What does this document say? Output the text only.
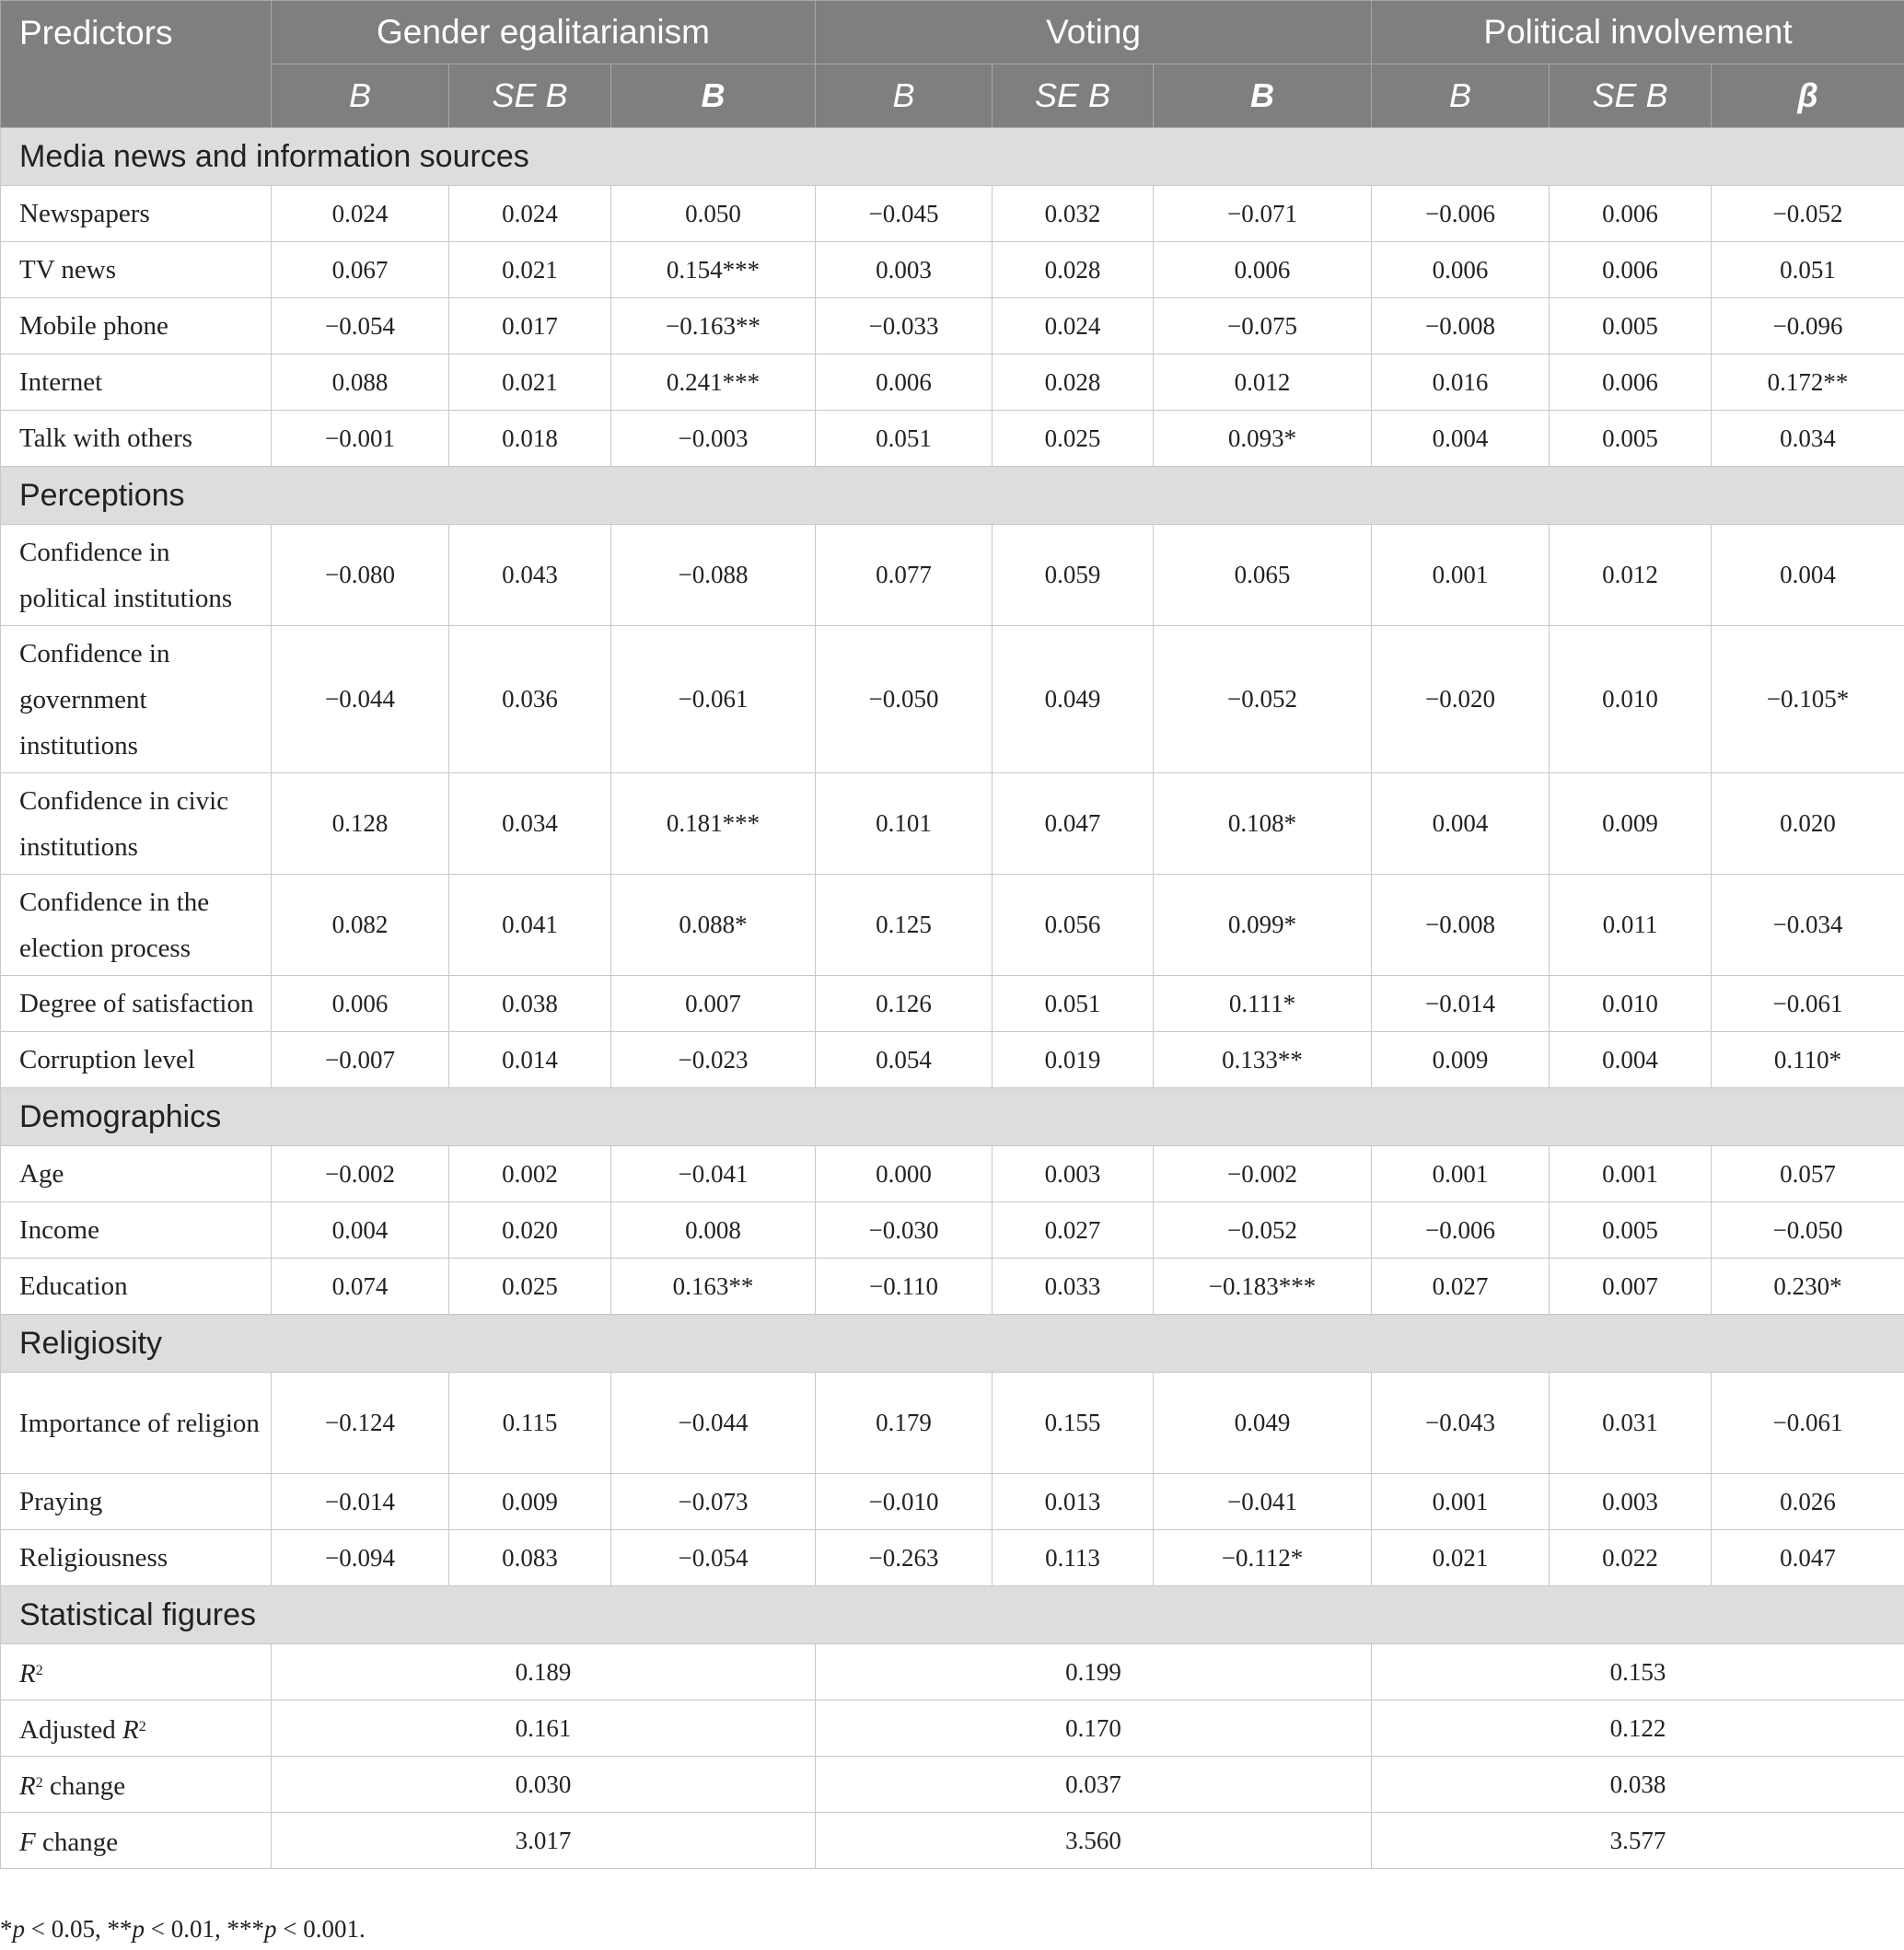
Predictors	Gender egalitarianism			Voting			Political involvement		
	B	SE B	B	B	SE B	B	B	SE B	β
Media news and information sources									
Newspapers	0.024	0.024	0.050	−0.045	0.032	−0.071	−0.006	0.006	−0.052
TV news	0.067	0.021	0.154***	0.003	0.028	0.006	0.006	0.006	0.051
Mobile phone	−0.054	0.017	−0.163**	−0.033	0.024	−0.075	−0.008	0.005	−0.096
Internet	0.088	0.021	0.241***	0.006	0.028	0.012	0.016	0.006	0.172**
Talk with others	−0.001	0.018	−0.003	0.051	0.025	0.093*	0.004	0.005	0.034
Perceptions									
Confidence in political institutions	−0.080	0.043	−0.088	0.077	0.059	0.065	0.001	0.012	0.004
Confidence in government institutions	−0.044	0.036	−0.061	−0.050	0.049	−0.052	−0.020	0.010	−0.105*
Confidence in civic institutions	0.128	0.034	0.181***	0.101	0.047	0.108*	0.004	0.009	0.020
Confidence in the election process	0.082	0.041	0.088*	0.125	0.056	0.099*	−0.008	0.011	−0.034
Degree of satisfaction	0.006	0.038	0.007	0.126	0.051	0.111*	−0.014	0.010	−0.061
Corruption level	−0.007	0.014	−0.023	0.054	0.019	0.133**	0.009	0.004	0.110*
Demographics									
Age	−0.002	0.002	−0.041	0.000	0.003	−0.002	0.001	0.001	0.057
Income	0.004	0.020	0.008	−0.030	0.027	−0.052	−0.006	0.005	−0.050
Education	0.074	0.025	0.163**	−0.110	0.033	−0.183***	0.027	0.007	0.230*
Religiosity									
Importance of religion	−0.124	0.115	−0.044	0.179	0.155	0.049	−0.043	0.031	−0.061
Praying	−0.014	0.009	−0.073	−0.010	0.013	−0.041	0.001	0.003	0.026
Religiousness	−0.094	0.083	−0.054	−0.263	0.113	−0.112*	0.021	0.022	0.047
Statistical figures									
$R^2$	0.189			0.199			0.153		
Adjusted $R^2$	0.161			0.170			0.122		
$R^2$ change	0.030			0.037			0.038		
F change	3.017			3.560			3.577		
*p < 0.05, **p < 0.01, ***p < 0.001.
